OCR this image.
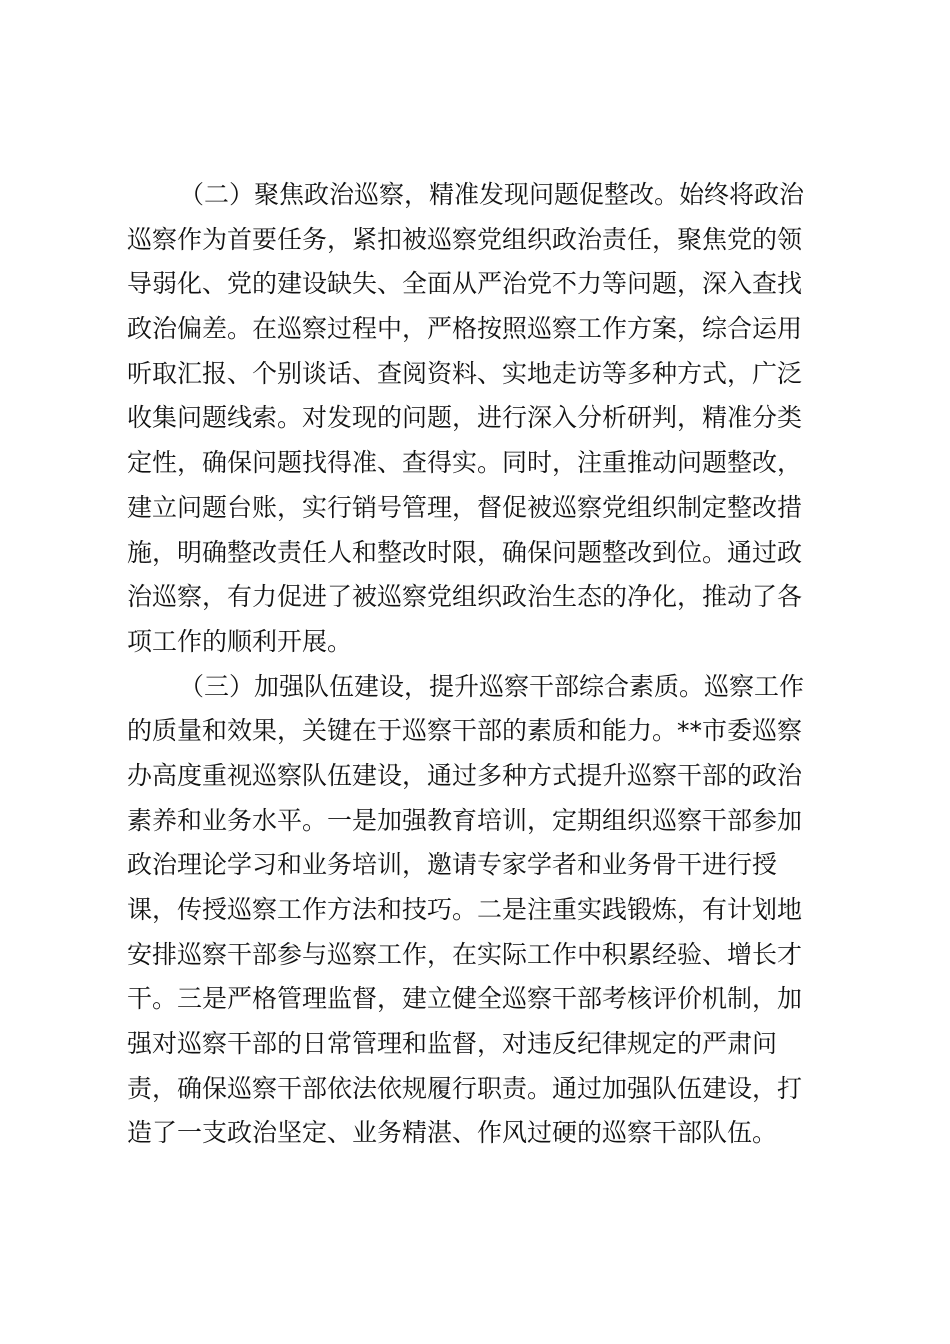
（二）聚焦政治巡察，精准发现问题促整改。始终将政治
巡察作为首要任务，紧扣被巡察党组织政治责任，聚焦党的领
导弱化、党的建设缺失、全面从严治党不力等问题，深入查找
政治偏差。在巡察过程中，严格按照巡察工作方案，综合运用
听取汇报、个别谈话、查阅资料、实地走访等多种方式，广泛
收集问题线索。对发现的问题，进行深入分析研判，精准分类
定性，确保问题找得准、查得实。同时，注重推动问题整改，
建立问题台账，实行销号管理，督促被巡察党组织制定整改措
施，明确整改责任人和整改时限，确保问题整改到位。通过政
治巡察，有力促进了被巡察党组织政治生态的净化，推动了各
项工作的顺利开展。
（三）加强队伍建设，提升巡察干部综合素质。巡察工作
的质量和效果，关键在于巡察干部的素质和能力。**市委巡察
办高度重视巡察队伍建设，通过多种方式提升巡察干部的政治
素养和业务水平。一是加强教育培训，定期组织巡察干部参加
政治理论学习和业务培训，邀请专家学者和业务骨干进行授
课，传授巡察工作方法和技巧。二是注重实践锻炼，有计划地
安排巡察干部参与巡察工作，在实际工作中积累经验、增长才
干。三是严格管理监督，建立健全巡察干部考核评价机制，加
强对巡察干部的日常管理和监督，对违反纪律规定的严肃问
责，确保巡察干部依法依规履行职责。通过加强队伍建设，打
造了一支政治坚定、业务精湛、作风过硬的巡察干部队伍。
